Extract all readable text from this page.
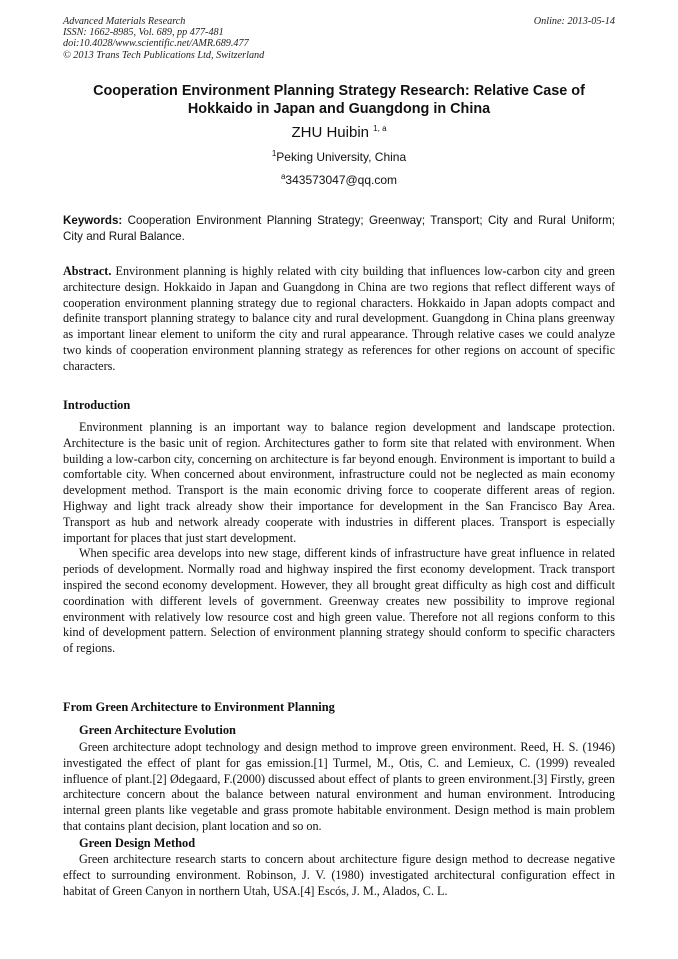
Advanced Materials Research
ISSN: 1662-8985, Vol. 689, pp 477-481
doi:10.4028/www.scientific.net/AMR.689.477
© 2013 Trans Tech Publications Ltd, Switzerland
Online: 2013-05-14
Cooperation Environment Planning Strategy Research: Relative Case of
Hokkaido in Japan and Guangdong in China
ZHU Huibin $^{1, a}$
$^1$Peking University, China
$^a$343573047@qq.com
Keywords: Cooperation Environment Planning Strategy; Greenway; Transport; City and Rural Uniform; City and Rural Balance.

Abstract. Environment planning is highly related with city building that influences low-carbon city and green architecture design. Hokkaido in Japan and Guangdong in China are two regions that reflect different ways of cooperation environment planning strategy due to regional characters. Hokkaido in Japan adopts compact and definite transport planning strategy to balance city and rural development. Guangdong in China plans greenway as important linear element to uniform the city and rural appearance. Through relative cases we could analyze two kinds of cooperation environment planning strategy as references for other regions on account of specific characters.

Introduction

Environment planning is an important way to balance region development and landscape protection. Architecture is the basic unit of region. Architectures gather to form site that related with environment. When building a low-carbon city, concerning on architecture is far beyond enough. Environment is important to build a comfortable city. When concerned about environment, infrastructure could not be neglected as main economy development method. Transport is the main economic driving force to cooperate different areas of region. Highway and light track already show their importance for development in the San Francisco Bay Area. Transport as hub and network already cooperate with industries in different places. Transport is especially important for places that just start development.

When specific area develops into new stage, different kinds of infrastructure have great influence in related periods of development. Normally road and highway inspired the first economy development. Track transport inspired the second economy development. However, they all brought great difficulty as high cost and difficult coordination with different levels of government. Greenway creates new possibility to improve regional environment with relatively low resource cost and high green value. Therefore not all regions conform to this kind of development pattern. Selection of environment planning strategy should conform to specific characters of regions.

From Green Architecture to Environment Planning
Green Architecture Evolution

Green architecture adopt technology and design method to improve green environment. Reed, H. S. (1946) investigated the effect of plant for gas emission.[1] Turmel, M., Otis, C. and Lemieux, C. (1999) revealed influence of plant.[2] Ødegaard, F.(2000) discussed about effect of plants to green environment.[3] Firstly, green architecture concern about the balance between natural environment and human environment. Introducing internal green plants like vegetable and grass promote habitable environment. Design method is main problem that contains plant decision, plant location and so on.

Green Design Method

Green architecture research starts to concern about architecture figure design method to decrease negative effect to surrounding environment. Robinson, J. V. (1980) investigated architectural configuration effect in habitat of Green Canyon in northern Utah, USA.[4] Escós, J. M., Alados, C. L.
